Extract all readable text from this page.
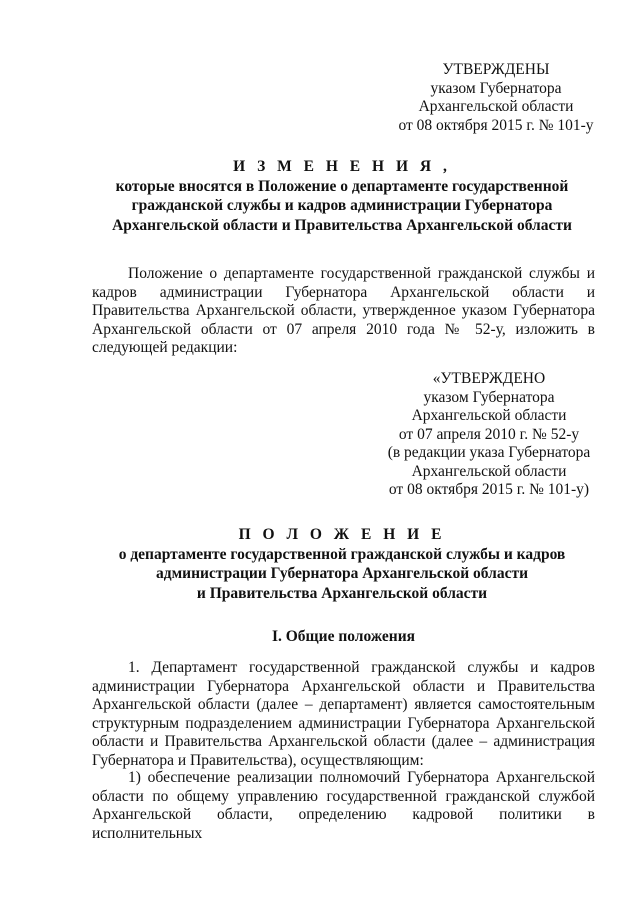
УТВЕРЖДЕНЫ
указом Губернатора
Архангельской области
от 08 октября 2015 г. № 101-у
И З М Е Н Е Н И Я ,
которые вносятся в Положение о департаменте государственной
гражданской службы и кадров администрации Губернатора
Архангельской области и Правительства Архангельской области
Положение о департаменте государственной гражданской службы и кадров администрации Губернатора Архангельской области и Правительства Архангельской области, утвержденное указом Губернатора Архангельской области от 07 апреля 2010 года № 52-у, изложить в следующей редакции:
«УТВЕРЖДЕНО
указом Губернатора
Архангельской области
от 07 апреля 2010 г. № 52-у
(в редакции указа Губернатора
Архангельской области
от 08 октября 2015 г. № 101-у)
П О Л О Ж Е Н И Е
о департаменте государственной гражданской службы и кадров
администрации Губернатора Архангельской области
и Правительства Архангельской области
I. Общие положения
1. Департамент государственной гражданской службы и кадров администрации Губернатора Архангельской области и Правительства Архангельской области (далее – департамент) является самостоятельным структурным подразделением администрации Губернатора Архангельской области и Правительства Архангельской области (далее – администрация Губернатора и Правительства), осуществляющим:
1) обеспечение реализации полномочий Губернатора Архангельской области по общему управлению государственной гражданской службой Архангельской области, определению кадровой политики в исполнительных
